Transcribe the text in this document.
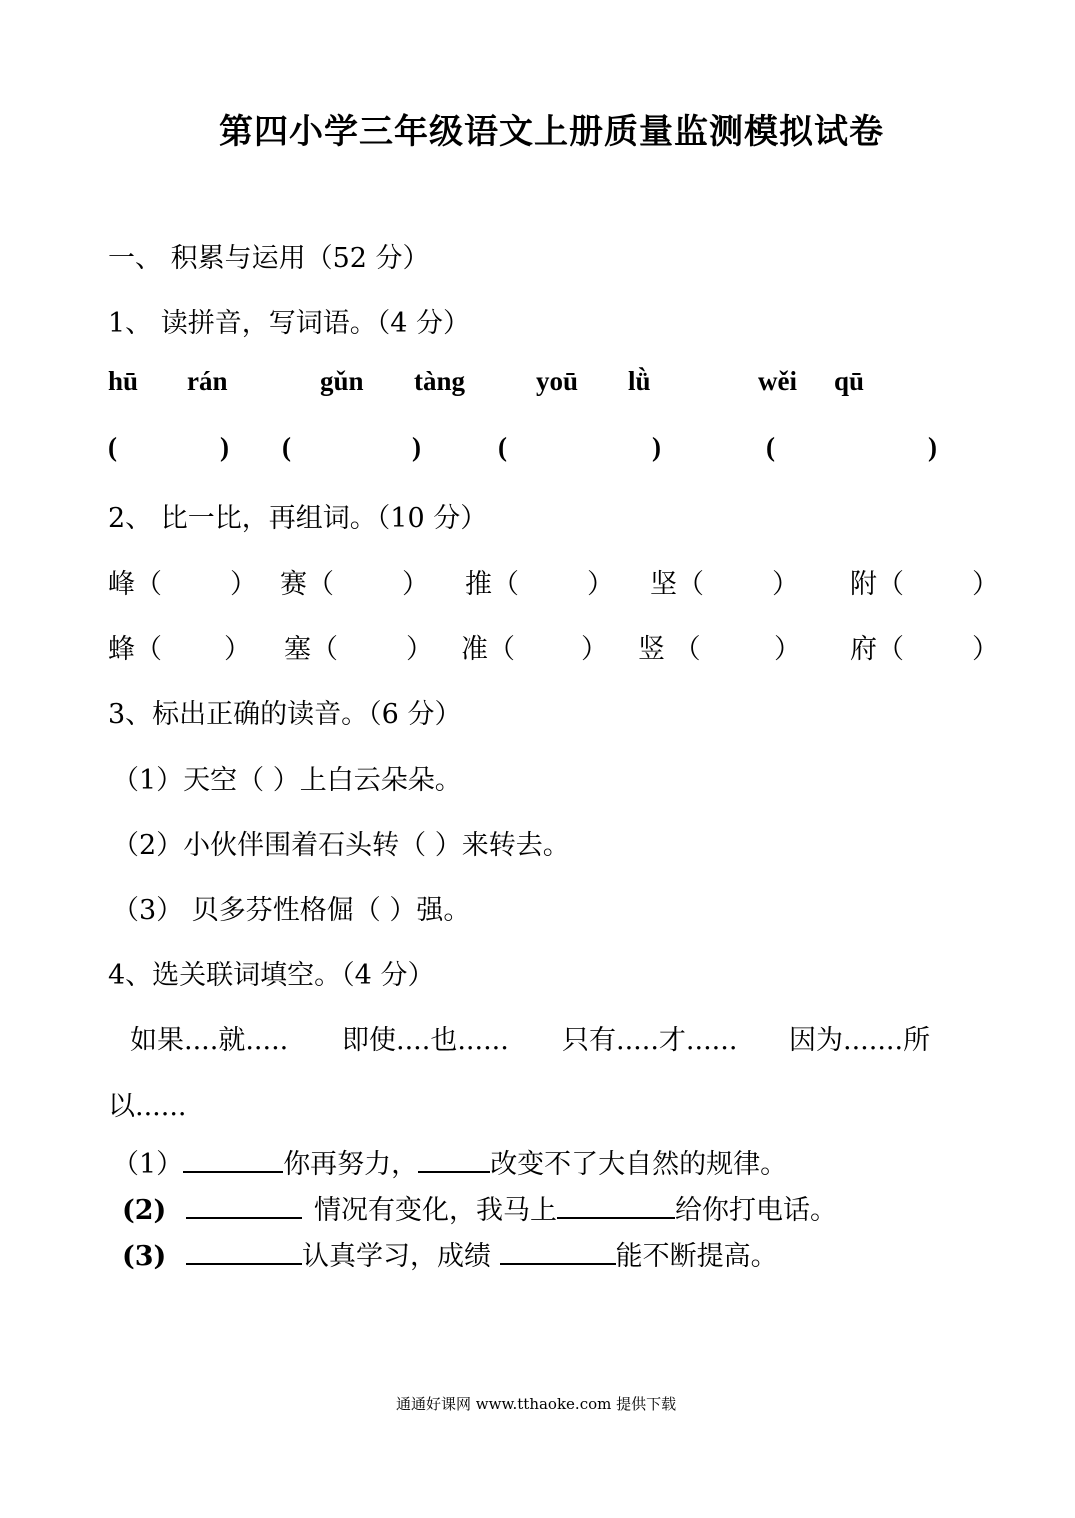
第四小学三年级语文上册质量监测模拟试卷
一、 积累与运用（52 分）
1、 读拼音，写词语。（4 分）
hū rán	gǔn tàng	yoū lǜ	wěi qū
(	) (	)	(	)	(	)
2、 比一比，再组词。（10 分）
峰（	） 赛（	） 推（	） 坚（	） 附（	）
蜂（ ） 塞（	） 准（ ） 竖 （	） 府（	）
3、标出正确的读音。（6 分）
（1）天空（ ）上白云朵朵。
（2）小伙伴围着石头转（ ）来转去。
（3） 贝多芬性格倔（ ）强。
4、选关联词填空。（4 分）
如果....就..... 即使....也...... 只有.....才...... 因为.......所
以......
（1）	你再努力，	改变不了大自然的规律。
(2)	情况有变化，我马上	给你打电话。
(3)	认真学习，成绩	能不断提高。
通通好课网 www.tthaoke.com 提供下载
